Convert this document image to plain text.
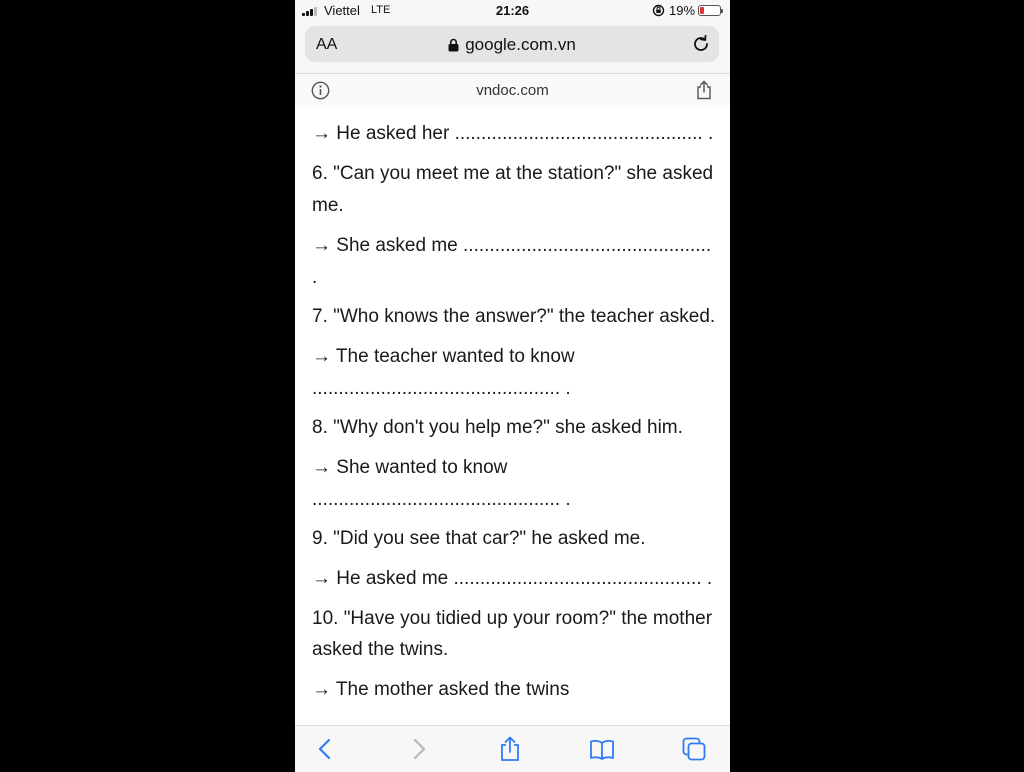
Viettel LTE	21:26	19%
AA	google.com.vn
vndoc.com
→ He asked her ............................................... .
6. "Can you meet me at the station?" she asked
me.
→ She asked me ...............................................
.
7. "Who knows the answer?" the teacher asked.
→ The teacher wanted to know
............................................... .
8. "Why don't you help me?" she asked him.
→ She wanted to know
............................................... .
9. "Did you see that car?" he asked me.
→ He asked me ............................................... .
10. "Have you tidied up your room?" the mother
asked the twins.
→ The mother asked the twins
